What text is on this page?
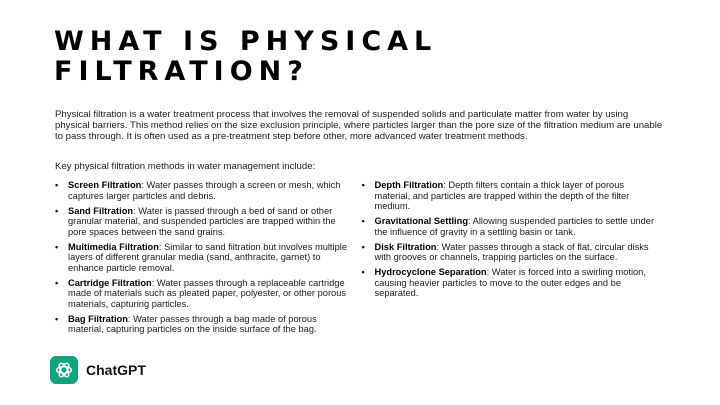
WHAT IS PHYSICAL FILTRATION?

Physical filtration is a water treatment process that involves the removal of suspended solids and particulate matter from water by using physical barriers. This method relies on the size exclusion principle, where particles larger than the pore size of the filtration medium are unable to pass through. It is often used as a pre-treatment step before other, more advanced water treatment methods.

Key physical filtration methods in water management include:

• Screen Filtration: Water passes through a screen or mesh, which captures larger particles and debris.
• Sand Filtration: Water is passed through a bed of sand or other granular material, and suspended particles are trapped within the pore spaces between the sand grains.
• Multimedia Filtration: Similar to sand filtration but involves multiple layers of different granular media (sand, anthracite, garnet) to enhance particle removal.
• Cartridge Filtration: Water passes through a replaceable cartridge made of materials such as pleated paper, polyester, or other porous materials, capturing particles.
• Bag Filtration: Water passes through a bag made of porous material, capturing particles on the inside surface of the bag.
• Depth Filtration: Depth filters contain a thick layer of porous material, and particles are trapped within the depth of the filter medium.
• Gravitational Settling: Allowing suspended particles to settle under the influence of gravity in a settling basin or tank.
• Disk Filtration: Water passes through a stack of flat, circular disks with grooves or channels, trapping particles on the surface.
• Hydrocyclone Separation: Water is forced into a swirling motion, causing heavier particles to move to the outer edges and be separated.
ChatGPT
